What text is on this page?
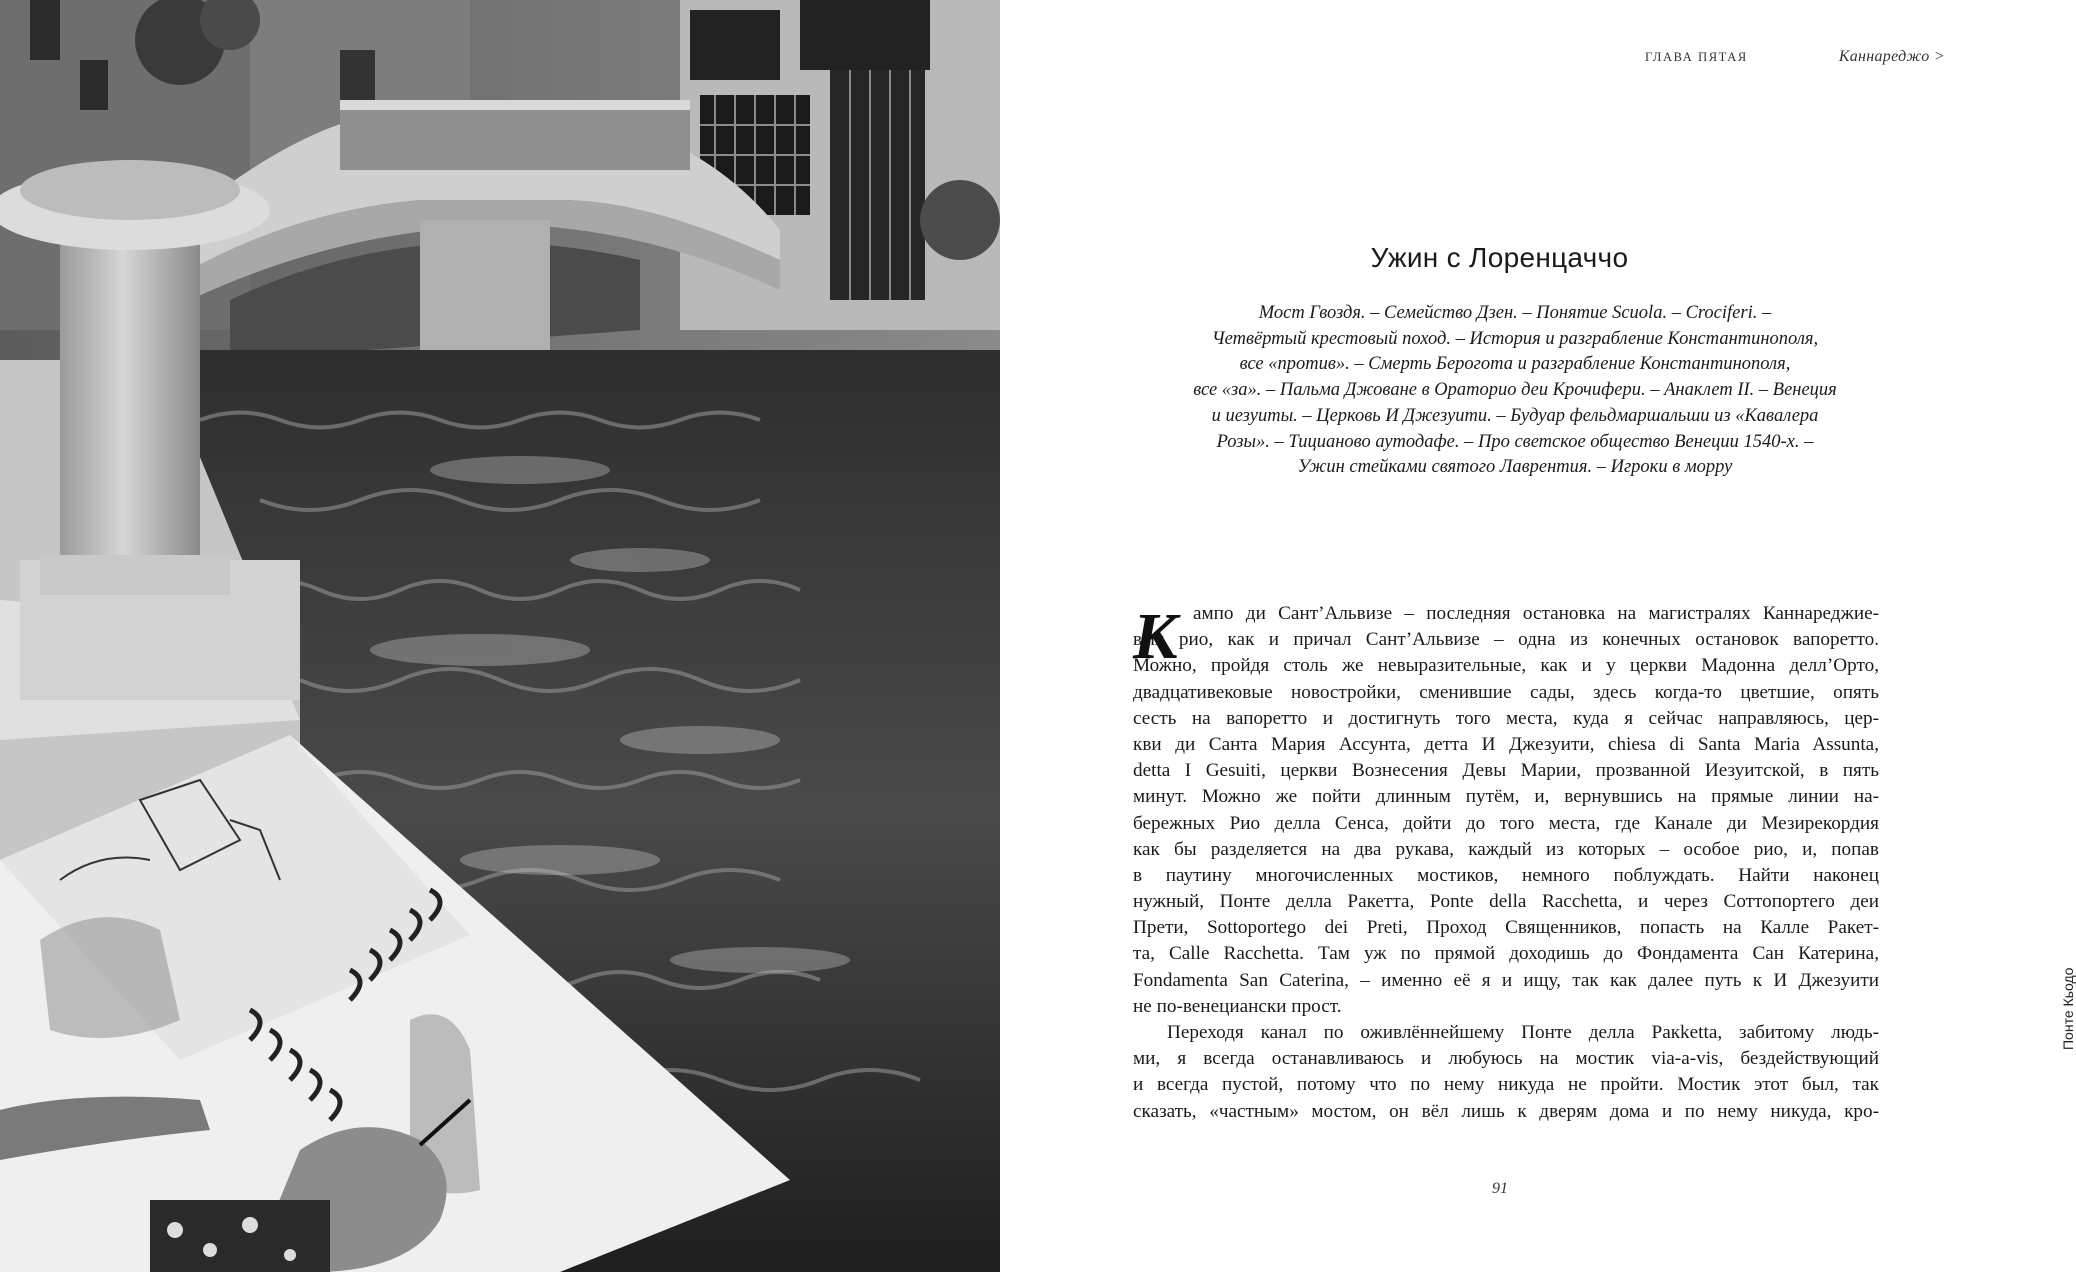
Понте Кьодо
ГЛАВА ПЯТАЯ	Каннареджо >
Ужин с Лоренцаччо
Мост Гвоздя. – Семейство Дзен. – Понятие Scuola. – Crociferi. –
Четвёртый крестовый поход. – История и разграбление Константинополя,
все «против». – Смерть Берогота и разграбление Константинополя,
все «за». – Пальма Джоване в Ораторио деи Крочифери. – Анаклет II. – Венеция
и иезуиты. – Церковь И Джезуити. – Будуар фельдмаршальши из «Кавалера
Розы». – Тицианово аутодафе. – Про светское общество Венеции 1540-х. –
Ужин стейками святого Лаврентия. – Игроки в морру
К ампо ди Сант’Альвизе – последняя остановка на магистралях Каннареджие-
вых рио, как и причал Сант’Альвизе – одна из конечных остановок вапоретто.
Можно, пройдя столь же невыразительные, как и у церкви Мадонна делл’Орто,
двадцативековые новостройки, сменившие сады, здесь когда-то цветшие, опять
сесть на вапоретто и достигнуть того места, куда я сейчас направляюсь, цер-
кви ди Санта Мария Ассунта, детта И Джезуити, chiesa di Santa Maria Assunta,
detta I Gesuiti, церкви Вознесения Девы Марии, прозванной Иезуитской, в пять
минут. Можно же пойти длинным путём, и, вернувшись на прямые линии на-
бережных Рио делла Сенса, дойти до того места, где Канале ди Мезирекордия
как бы разделяется на два рукава, каждый из которых – особое рио, и, попав
в паутину многочисленных мостиков, немного поблуждать. Найти наконец
нужный, Понте делла Ракетта, Ponte della Racchetta, и через Соттопортего деи
Прети, Sottoportego dei Preti, Проход Священников, попасть на Калле Ракет-
та, Calle Racchetta. Там уж по прямой доходишь до Фондамента Сан Катерина,
Fondamenta San Caterina, – именно её я и ищу, так как далее путь к И Джезуити
не по-венециански прост.
Переходя канал по оживлённейшему Понте делла Ракketta, забитому людь-
ми, я всегда останавливаюсь и любуюсь на мостик via-a-vis, бездействующий
и всегда пустой, потому что по нему никуда не пройти. Мостик этот был, так
сказать, «частным» мостом, он вёл лишь к дверям дома и по нему никуда, кро-
91
